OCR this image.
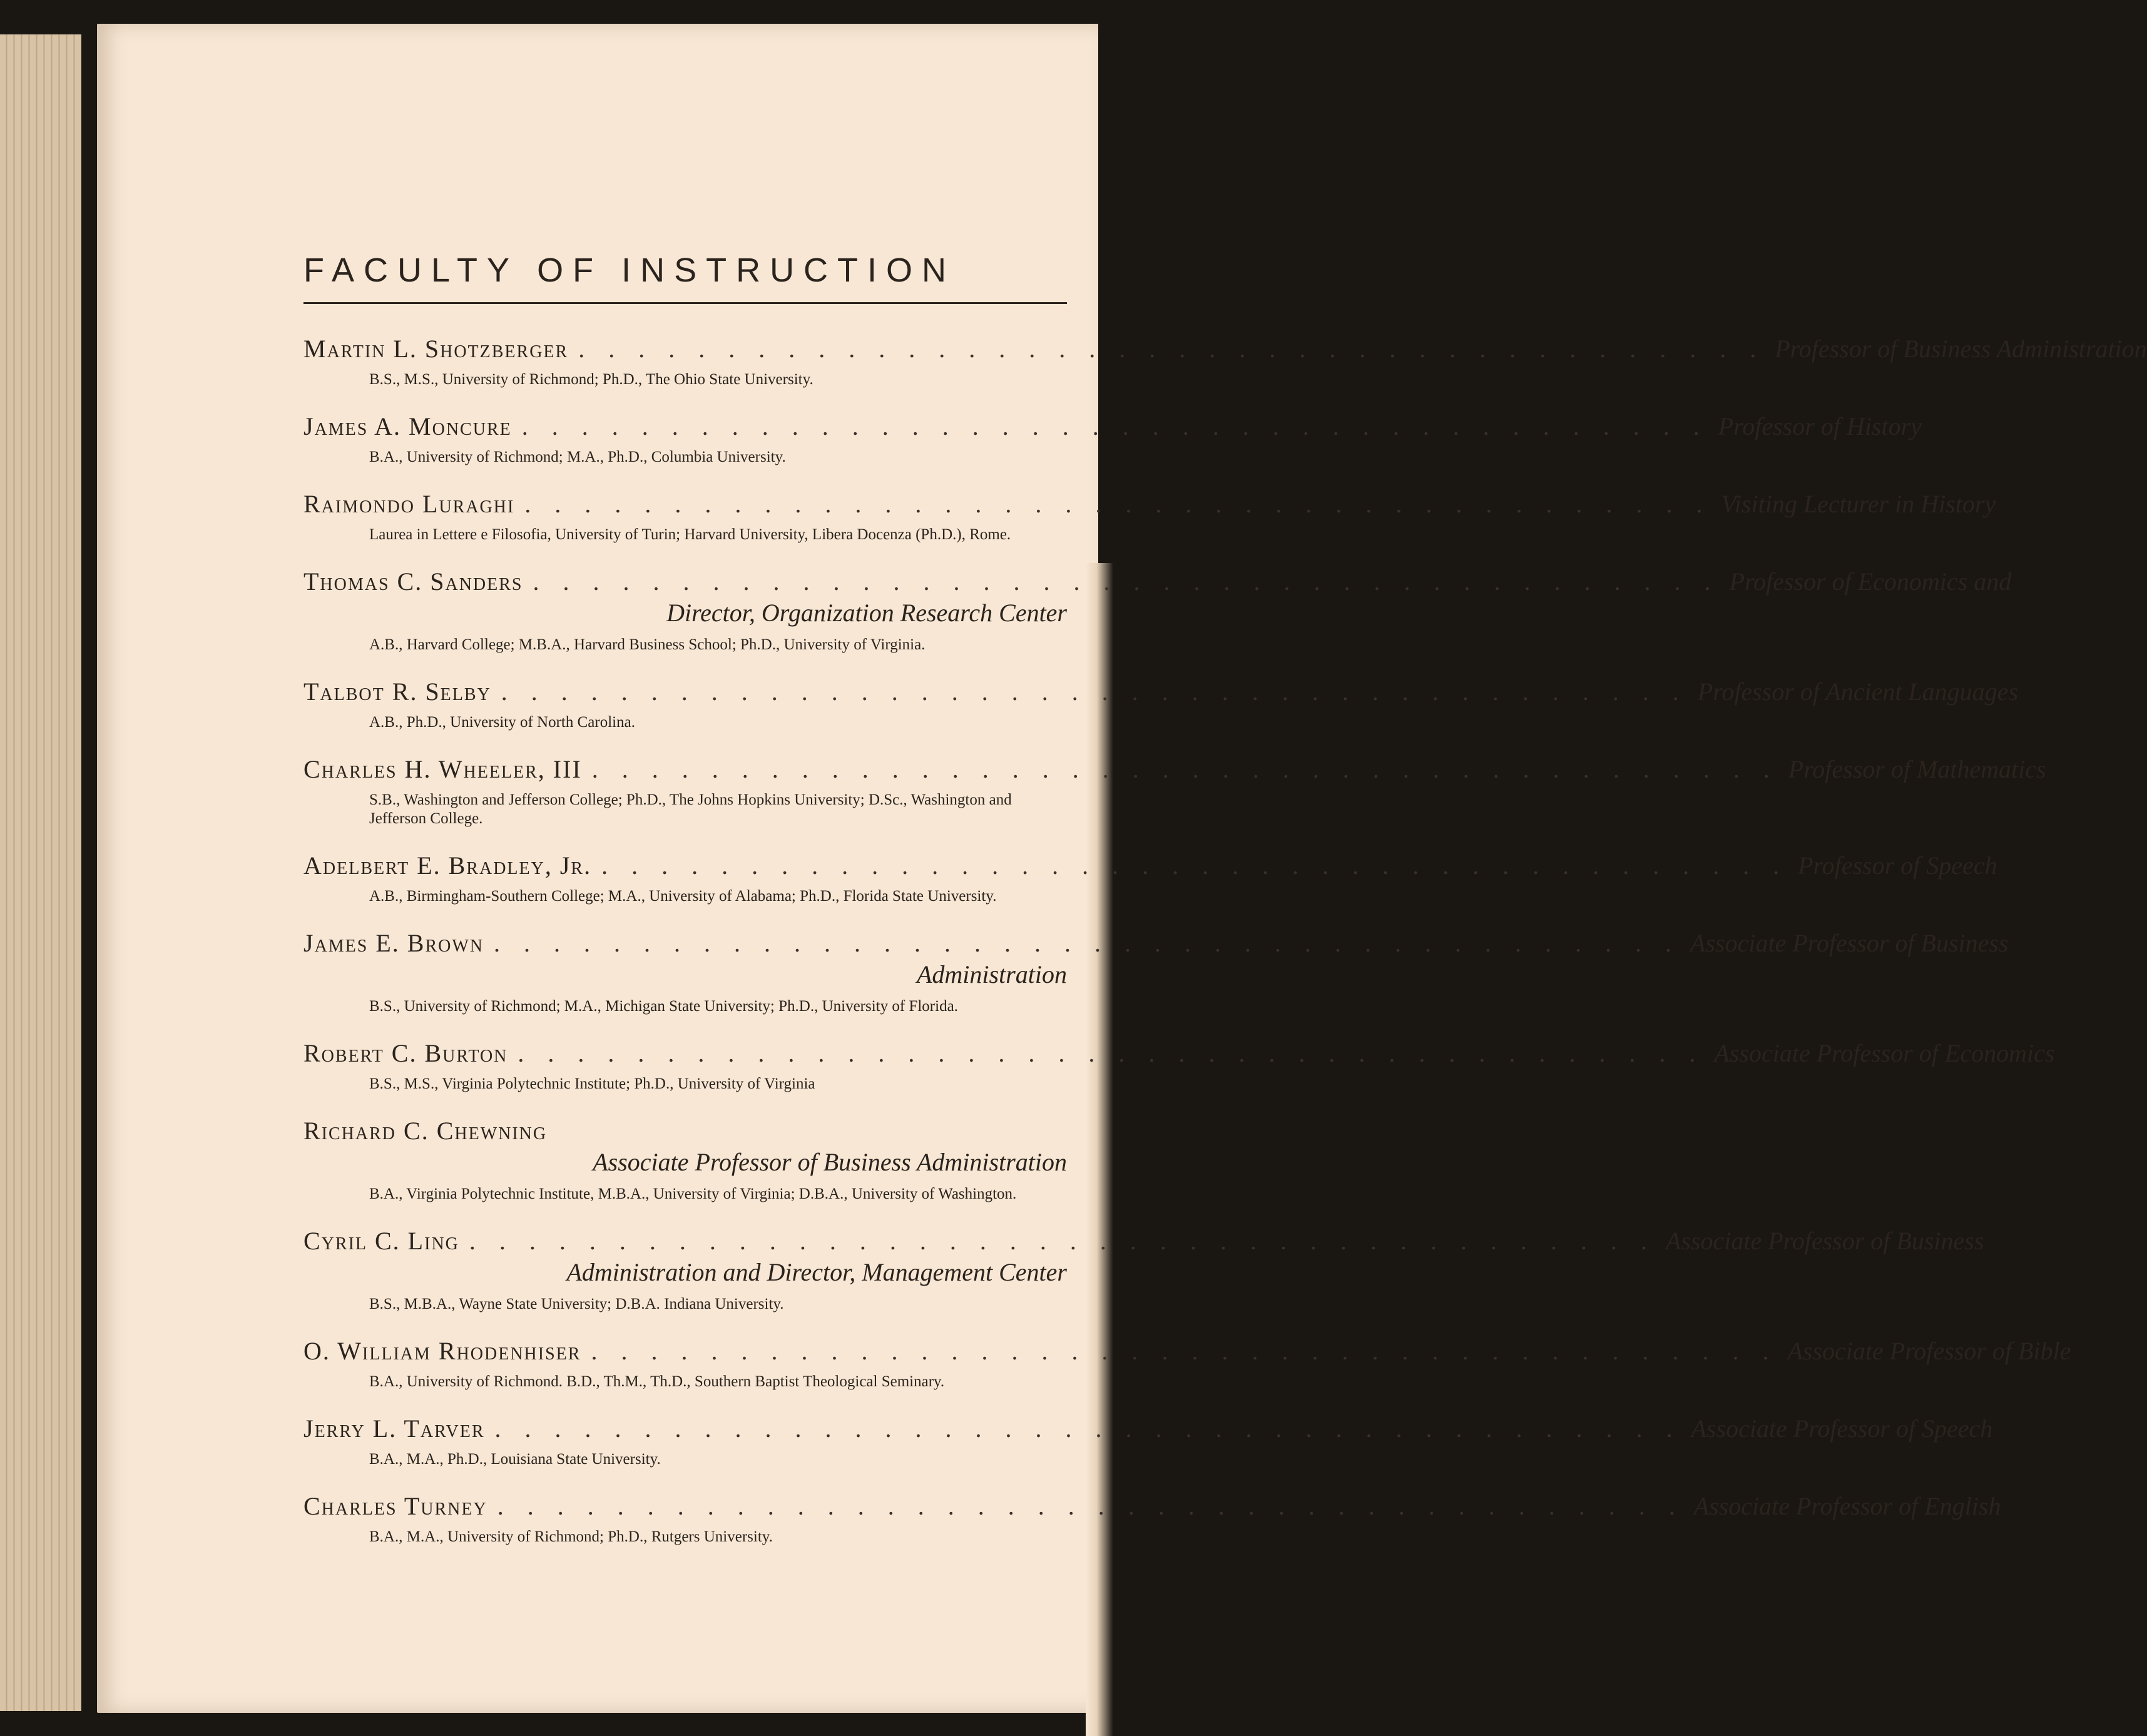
FACULTY OF INSTRUCTION
Martin L. Shotzberger . . . . . . . . . . . . . . . . . . . . . . . . . . . . . . . . . . . . . . . . Professor of Business Administration
B.S., M.S., University of Richmond; Ph.D., The Ohio State University.
James A. Moncure . . . . . . . . . . . . . . . . . . . . . . . . . . . . . . . . . . . . . . . . Professor of History
B.A., University of Richmond; M.A., Ph.D., Columbia University.
Raimondo Luraghi . . . . . . . . . . . . . . . . . . . . . . . . . . . . . . . . . . . . . . . . Visiting Lecturer in History
Laurea in Lettere e Filosofia, University of Turin; Harvard University, Libera Docenza (Ph.D.), Rome.
Thomas C. Sanders . . . . . . . . . . . . . . . . . . . . . . . . . . . . . . . . . . . . . . . . Professor of Economics and
Director, Organization Research Center
A.B., Harvard College; M.B.A., Harvard Business School; Ph.D., University of Virginia.
Talbot R. Selby . . . . . . . . . . . . . . . . . . . . . . . . . . . . . . . . . . . . . . . . Professor of Ancient Languages
A.B., Ph.D., University of North Carolina.
Charles H. Wheeler, III . . . . . . . . . . . . . . . . . . . . . . . . . . . . . . . . . . . . . . . . Professor of Mathematics
S.B., Washington and Jefferson College; Ph.D., The Johns Hopkins University; D.Sc., Washington and Jefferson College.
Adelbert E. Bradley, Jr. . . . . . . . . . . . . . . . . . . . . . . . . . . . . . . . . . . . . . . . . Professor of Speech
A.B., Birmingham-Southern College; M.A., University of Alabama; Ph.D., Florida State University.
James E. Brown . . . . . . . . . . . . . . . . . . . . . . . . . . . . . . . . . . . . . . . . Associate Professor of Business
Administration
B.S., University of Richmond; M.A., Michigan State University; Ph.D., University of Florida.
Robert C. Burton . . . . . . . . . . . . . . . . . . . . . . . . . . . . . . . . . . . . . . . . Associate Professor of Economics
B.S., M.S., Virginia Polytechnic Institute; Ph.D., University of Virginia
Richard C. Chewning
Associate Professor of Business Administration
B.A., Virginia Polytechnic Institute, M.B.A., University of Virginia; D.B.A., University of Washington.
Cyril C. Ling . . . . . . . . . . . . . . . . . . . . . . . . . . . . . . . . . . . . . . . . Associate Professor of Business
Administration and Director, Management Center
B.S., M.B.A., Wayne State University; D.B.A. Indiana University.
O. William Rhodenhiser . . . . . . . . . . . . . . . . . . . . . . . . . . . . . . . . . . . . . . . . Associate Professor of Bible
B.A., University of Richmond. B.D., Th.M., Th.D., Southern Baptist Theological Seminary.
Jerry L. Tarver . . . . . . . . . . . . . . . . . . . . . . . . . . . . . . . . . . . . . . . . Associate Professor of Speech
B.A., M.A., Ph.D., Louisiana State University.
Charles Turney . . . . . . . . . . . . . . . . . . . . . . . . . . . . . . . . . . . . . . . . Associate Professor of English
B.A., M.A., University of Richmond; Ph.D., Rutgers University.
